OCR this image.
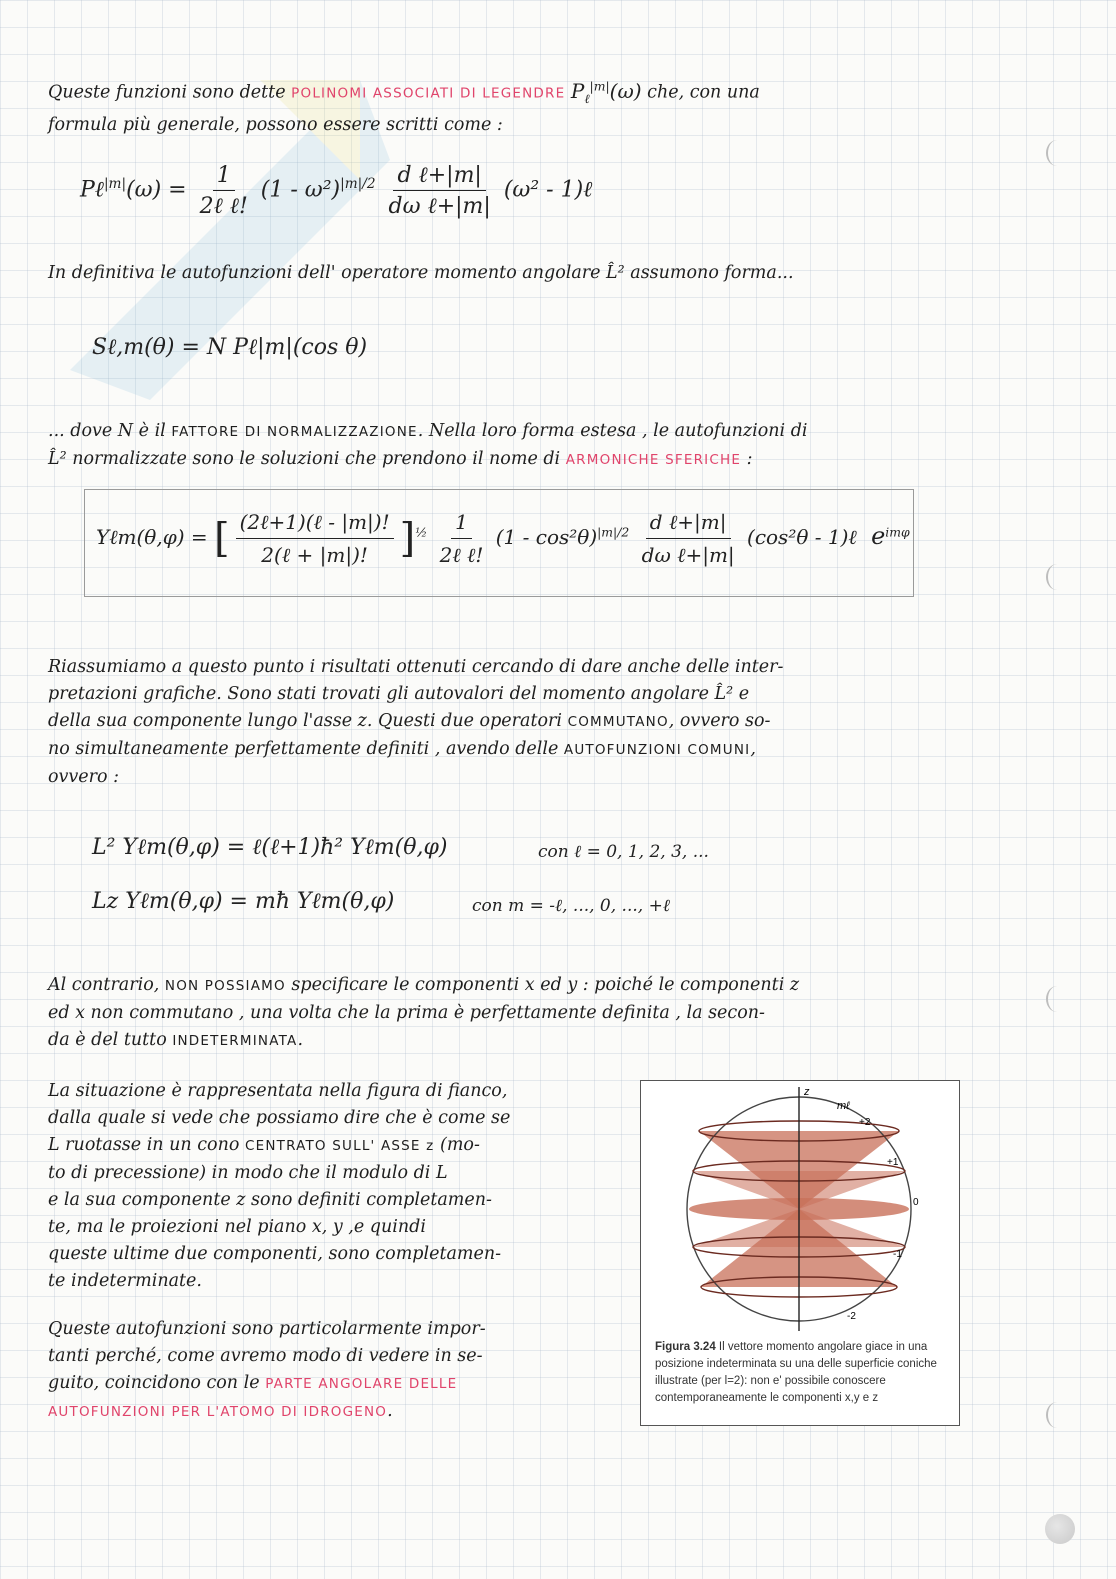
Queste funzioni sono dette POLINOMI ASSOCIATI DI LEGENDRE $P_\ell^{|m|}(\omega)$ che, con una

formula più generale, possono essere scritti come :

Pℓ$^{|m|}$(ω) = $\frac{1}{\text{2ℓ ℓ!}} (1 - \omega^2)^{|m|/2} \frac{\text{d ℓ+|m|}}{\text{dω ℓ+|m|}} (\omega^2$ - 1)ℓ
In definitiva le autofunzioni dell' operatore momento angolare L̂² assumono forma...
Sℓ,m(θ) = N Pℓ|m|(cos θ)

... dove N è il FATTORE DI NORMALIZZAZIONE. Nella loro forma estesa , le autofunzioni di

L̂² normalizzate sono le soluzioni che prendono il nome di ARMONICHE SFERICHE :

Yℓm(θ,φ) = [ $\frac{\text{(2ℓ+1)(ℓ - |m|)!}}{\text{2(ℓ + |m|)!}} ]^{\frac{1}{2}} \frac{1}{\text{2ℓ ℓ!}} (1 - \cos^2\theta)^{|m|/2} \frac{\text{d ℓ+|m|}}{\text{dω ℓ+|m|}} (\cos^2\theta$ - 1)ℓ $e^{im\varphi}$

Riassumiamo a questo punto i risultati ottenuti cercando di dare anche delle inter-

pretazioni grafiche. Sono stati trovati gli autovalori del momento angolare L̂² e

della sua componente lungo l'asse z. Questi due operatori COMMUTANO, ovvero so-

no simultaneamente perfettamente definiti , avendo delle AUTOFUNZIONI COMUNI,

ovvero :

L² Yℓm(θ,φ) = ℓ(ℓ+1)ħ² Yℓm(θ,φ)	con ℓ = 0, 1, 2, 3, ...
Lz Yℓm(θ,φ) = mħ Yℓm(θ,φ)	con m = -ℓ, ..., 0, ..., +ℓ

Al contrario, NON POSSIAMO specificare le componenti x ed y : poiché le componenti z

ed x non commutano , una volta che la prima è perfettamente definita , la secon-

da è del tutto INDETERMINATA.

La situazione è rappresentata nella figura di fianco,

dalla quale si vede che possiamo dire che è come se

L ruotasse in un cono CENTRATO SULL' ASSE z (mo-

to di precessione) in modo che il modulo di L

e la sua componente z sono definiti completamen-

te, ma le proiezioni nel piano x, y ,e quindi

queste ultime due componenti, sono completamen-

te indeterminate.

Queste autofunzioni sono particolarmente impor-

tanti perché, come avremo modo di vedere in se-

guito, coincidono con le PARTE ANGOLARE DELLE

AUTOFUNZIONI PER L'ATOMO DI IDROGENO.

z
mℓ
+2
+1
0
-1
-2
Figura 3.24 Il vettore momento angolare giace in una posizione indeterminata su una delle superficie coniche illustrate (per l=2): non e' possibile conoscere contemporaneamente le componenti x,y e z
